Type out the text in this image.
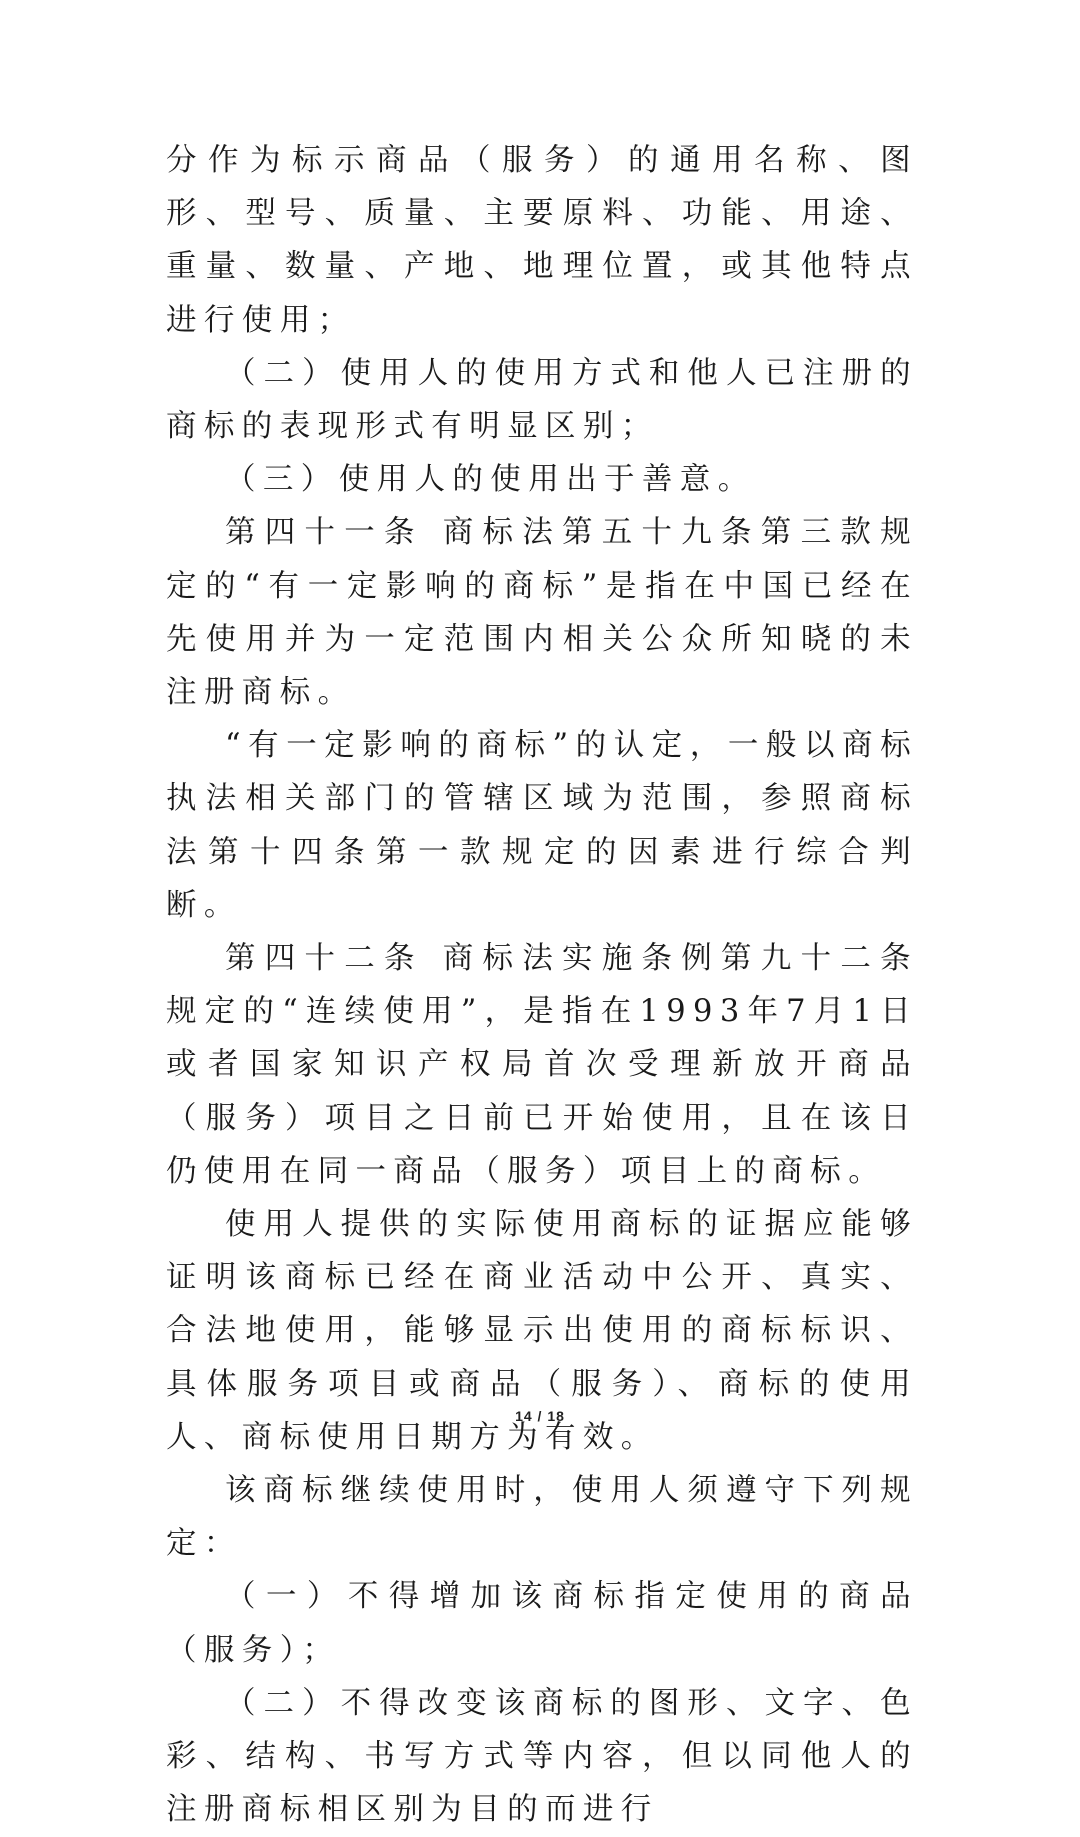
分作为标示商品（服务）的通用名称、图形、型号、质量、主要原料、功能、用途、重量、数量、产地、地理位置，或其他特点进行使用；

（二）使用人的使用方式和他人已注册的商标的表现形式有明显区别；

（三）使用人的使用出于善意。

第四十一条 商标法第五十九条第三款规定的“有一定影响的商标”是指在中国已经在先使用并为一定范围内相关公众所知晓的未注册商标。

“有一定影响的商标”的认定，一般以商标执法相关部门的管辖区域为范围，参照商标法第十四条第一款规定的因素进行综合判断。

第四十二条 商标法实施条例第九十二条规定的“连续使用”，是指在1993年7月1日或者国家知识产权局首次受理新放开商品（服务）项目之日前已开始使用，且在该日仍使用在同一商品（服务）项目上的商标。

使用人提供的实际使用商标的证据应能够证明该商标已经在商业活动中公开、真实、合法地使用，能够显示出使用的商标标识、具体服务项目或商品（服务）、商标的使用人、商标使用日期方为有效。

该商标继续使用时，使用人须遵守下列规定：

（一）不得增加该商标指定使用的商品（服务）；

（二）不得改变该商标的图形、文字、色彩、结构、书写方式等内容，但以同他人的注册商标相区别为目的而进行

14 / 18
